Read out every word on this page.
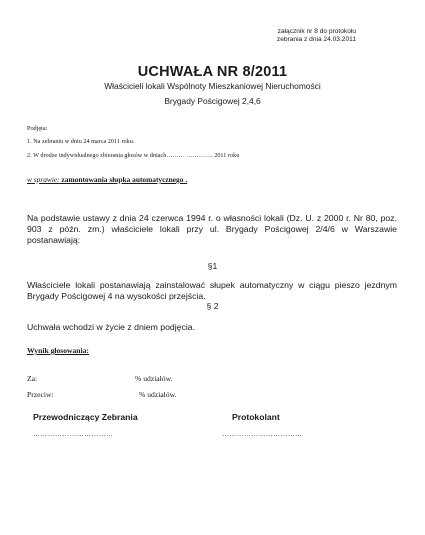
załącznik nr 8 do protokołu
zebrania z dnia 24.03.2011
UCHWAŁA NR 8/2011
Właścicieli lokali Wspólnoty Mieszkaniowej Nieruchomości
Brygady Pościgowej 2,4,6
Podjęta:
1. Na zebraniu w dniu 24 marca 2011 roku.
2. W drodze indywidualnego zbierania głosów w dniach……… …………. 2011 roku
w sprawie: zamontowania słupka automatycznego .
Na podstawie ustawy z dnia 24 czerwca 1994 r. o własności lokali (Dz. U. z 2000 r. Nr 80, poz. 903 z późn. zm.) właściciele lokali przy ul. Brygady Pościgowej 2/4/6 w Warszawie postanawiają:
§1
Właściciele lokali postanawiają zainstalować słupek automatyczny w ciągu pieszo jezdnym Brygady Pościgowej 4 na wysokości przejścia.
§ 2
Uchwała wchodzi w życie z dniem podjęcia.
Wynik głosowania:
Za:	% udziałów.
Przeciw:	% udziałów.
Przewodniczący Zebrania
……………………………
Protokolant
……………………………
